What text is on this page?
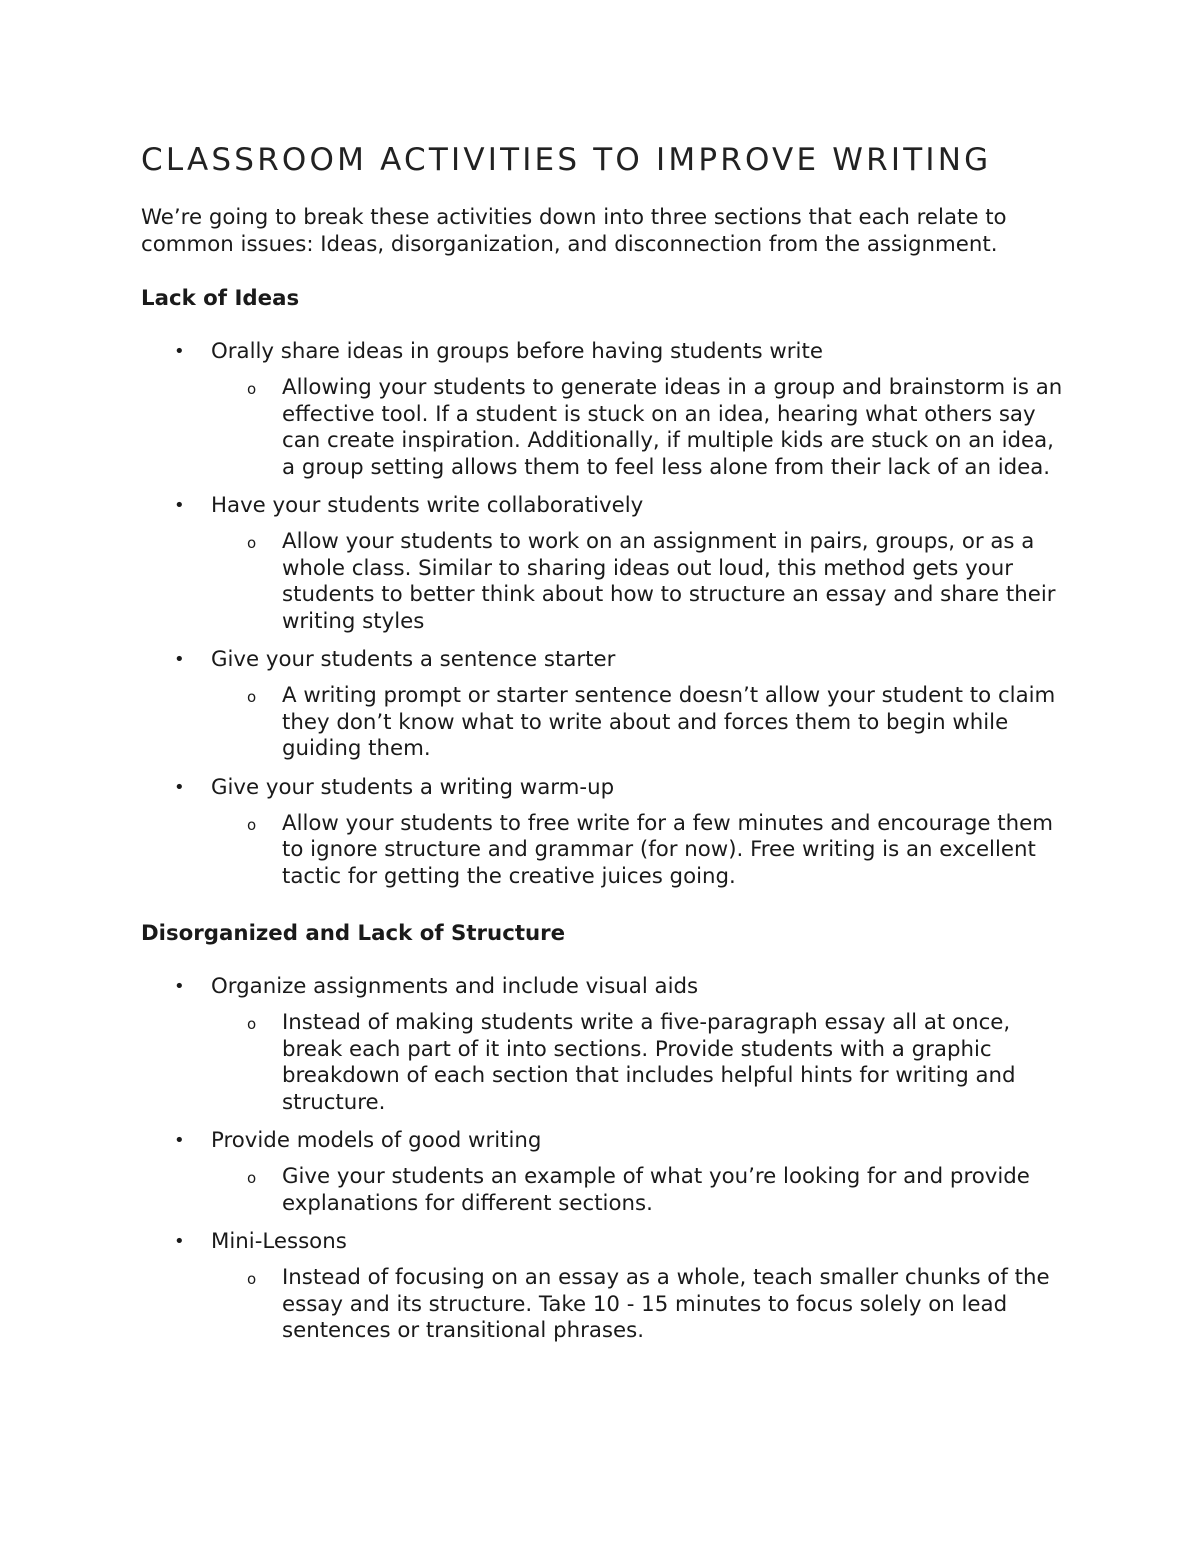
CLASSROOM ACTIVITIES TO IMPROVE WRITING

We’re going to break these activities down into three sections that each relate to common issues: Ideas, disorganization, and disconnection from the assignment.

Lack of Ideas
• Orally share ideas in groups before having students write
o Allowing your students to generate ideas in a group and brainstorm is an effective tool. If a student is stuck on an idea, hearing what others say can create inspiration. Additionally, if multiple kids are stuck on an idea, a group setting allows them to feel less alone from their lack of an idea.
• Have your students write collaboratively
o Allow your students to work on an assignment in pairs, groups, or as a whole class. Similar to sharing ideas out loud, this method gets your students to better think about how to structure an essay and share their writing styles
• Give your students a sentence starter
o A writing prompt or starter sentence doesn’t allow your student to claim they don’t know what to write about and forces them to begin while guiding them.
• Give your students a writing warm-up
o Allow your students to free write for a few minutes and encourage them to ignore structure and grammar (for now). Free writing is an excellent tactic for getting the creative juices going.
Disorganized and Lack of Structure
• Organize assignments and include visual aids
o Instead of making students write a five-paragraph essay all at once, break each part of it into sections. Provide students with a graphic breakdown of each section that includes helpful hints for writing and structure.
• Provide models of good writing
o Give your students an example of what you’re looking for and provide explanations for different sections.
• Mini-Lessons
o Instead of focusing on an essay as a whole, teach smaller chunks of the essay and its structure. Take 10 - 15 minutes to focus solely on lead sentences or transitional phrases.
